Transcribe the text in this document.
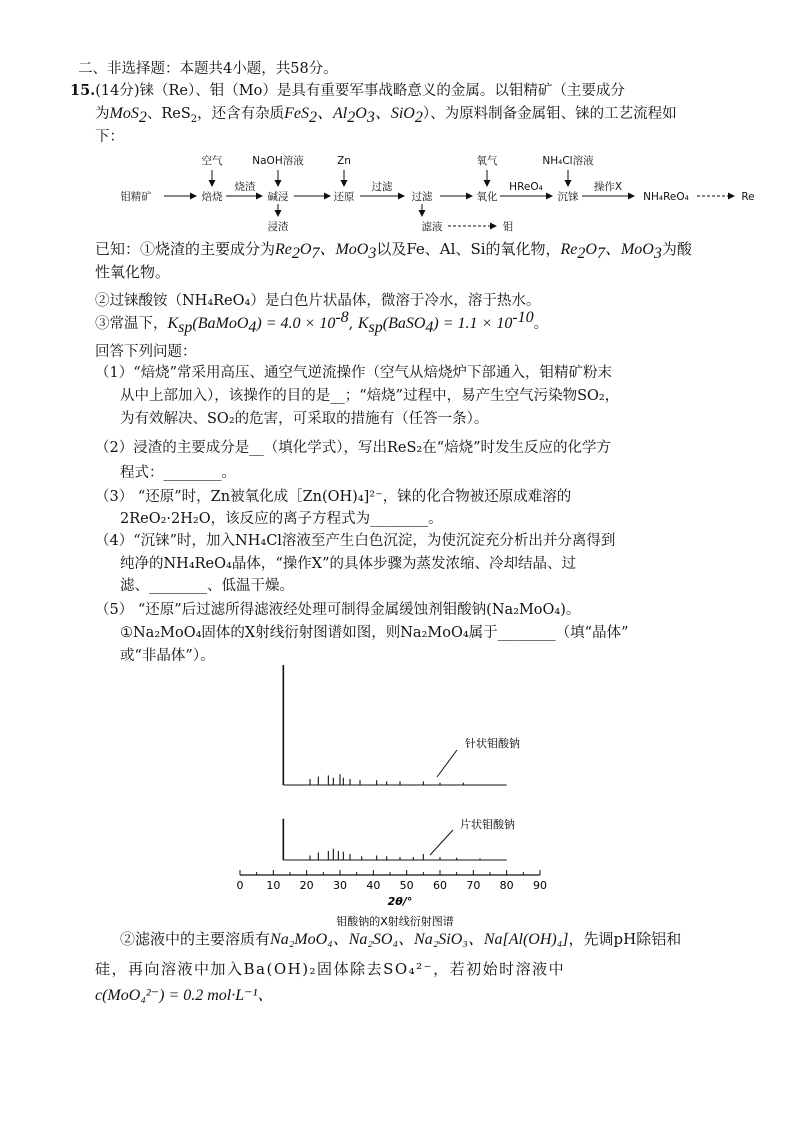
二、非选择题：本题共4小题，共58分。
15.(14分)铼（Re）、钼（Mo）是具有重要军事战略意义的金属。以钼精矿（主要成分
为MoS$_2$、ReS$_2$，还含有杂质FeS$_2$、$Al_2O_3$、SiO$_2$）、为原料制备金属钼、铼的工艺流程如
下：
空气	NaOH溶液	Zn	氧气	NH₄Cl溶液
钼精矿	焙烧
烧渣
碱浸	还原
过滤
过滤	氧化
HReO₄
沉铼
操作X
NH₄ReO₄	Re
浸渣	滤液	钼
已知：①烧渣的主要成分为$Re_2O_7$、MoO$_3$以及Fe、Al、Si的氧化物，$Re_2O_7$、MoO$_3$为酸
性氧化物。
②过铼酸铵（NH₄ReO₄）是白色片状晶体，微溶于冷水，溶于热水。
③常温下，$K_{sp}(BaMoO_4) = 4.0 \times 10^{-8}$, $K_{sp}(BaSO_4) = 1.1 \times 10^{-10}$。
回答下列问题：
（1）“焙烧”常采用高压、通空气逆流操作（空气从焙烧炉下部通入，钼精矿粉末
从中上部加入），该操作的目的是__；“焙烧”过程中，易产生空气污染物SO₂，
为有效解决、SO₂的危害，可采取的措施有（任答一条）。
（2）浸渣的主要成分是__（填化学式），写出ReS₂在“焙烧”时发生反应的化学方
程式：________。
（3） “还原”时，Zn被氧化成［Zn(OH)₄]²⁻，铼的化合物被还原成难溶的
2ReO₂·2H₂O，该反应的离子方程式为________。
（4）“沉铼”时，加入NH₄Cl溶液至产生白色沉淀，为使沉淀充分析出并分离得到
纯净的NH₄ReO₄晶体，“操作X”的具体步骤为蒸发浓缩、冷却结晶、过
滤、________、低温干燥。
（5） “还原”后过滤所得滤液经处理可制得金属缓蚀剂钼酸钠(Na₂MoO₄)。
①Na₂MoO₄固体的X射线衍射图谱如图，则Na₂MoO₄属于________（填“晶体”
或“非晶体”）。
0 10 20 30 40 50 60 70 80 90
2θ/°
针状钼酸钠
片状钼酸钠
钼酸钠的X射线衍射图谱
②滤液中的主要溶质有Na₂MoO₄、Na₂SO₄、Na₂SiO₃、Na[Al(OH)₄]，先调pH除铝和
硅，再向溶液中加入Ba(OH)₂固体除去SO₄²⁻，若初始时溶液中
c(MoO₄²⁻) = 0.2 mol·L⁻¹、
